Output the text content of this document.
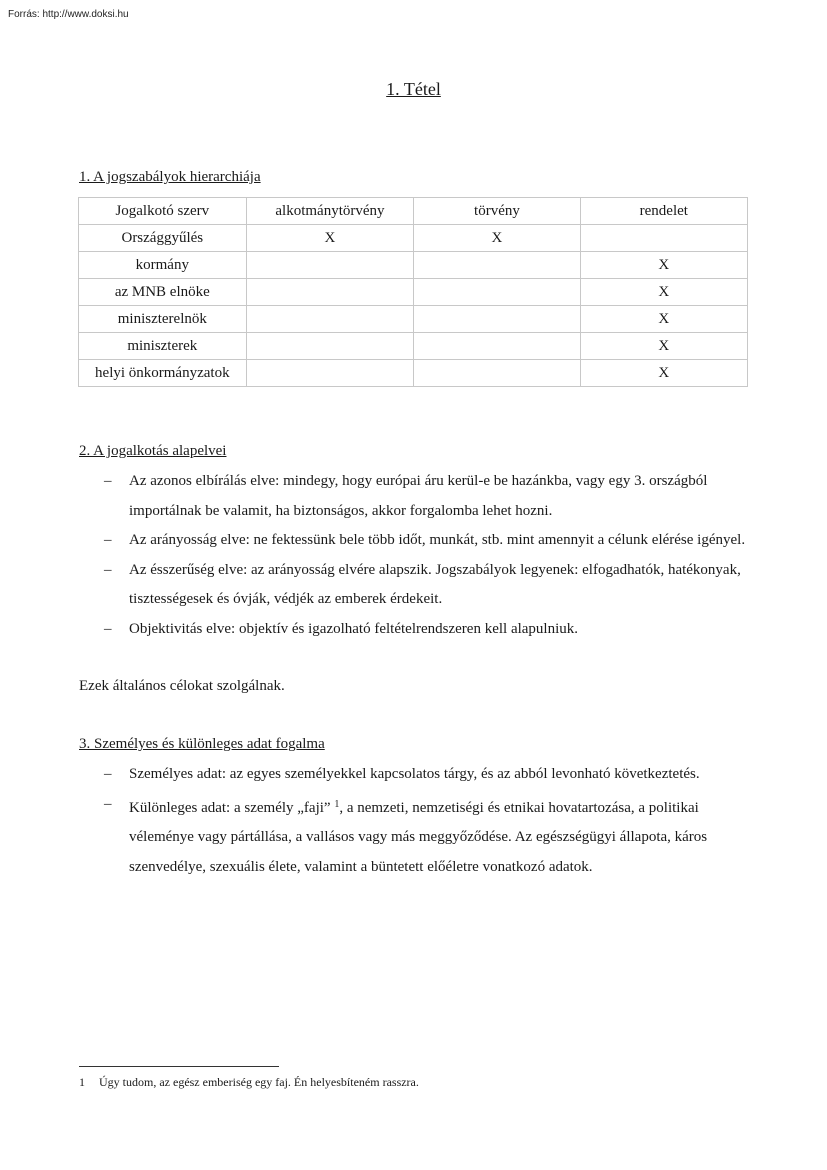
Forrás: http://www.doksi.hu
1. Tétel
1. A jogszabályok hierarchiája
Jogalkotó szerv	alkotmánytörvény	törvény	rendelet
Országgyűlés	X	X	
kormány			X
az MNB elnöke			X
miniszterelnök			X
miniszterek			X
helyi önkormányzatok			X
2. A jogalkotás alapelvei
– Az azonos elbírálás elve: mindegy, hogy európai áru kerül-e be hazánkba, vagy egy 3. országból importálnak be valamit, ha biztonságos, akkor forgalomba lehet hozni.
– Az arányosság elve: ne fektessünk bele több időt, munkát, stb. mint amennyit a célunk elérése igényel.
– Az ésszerűség elve: az arányosság elvére alapszik. Jogszabályok legyenek: elfogadhatók, hatékonyak, tisztességesek és óvják, védjék az emberek érdekeit.
– Objektivitás elve: objektív és igazolható feltételrendszeren kell alapulniuk.
Ezek általános célokat szolgálnak.
3. Személyes és különleges adat fogalma
– Személyes adat: az egyes személyekkel kapcsolatos tárgy, és az abból levonható következtetés.
– Különleges adat: a személy „faji” $^1$, a nemzeti, nemzetiségi és etnikai hovatartozása, a politikai véleménye vagy pártállása, a vallásos vagy más meggyőződése. Az egészségügyi állapota, káros szenvedélye, szexuális élete, valamint a büntetett előéletre vonatkozó adatok.
1 Úgy tudom, az egész emberiség egy faj. Én helyesbíteném rasszra.
